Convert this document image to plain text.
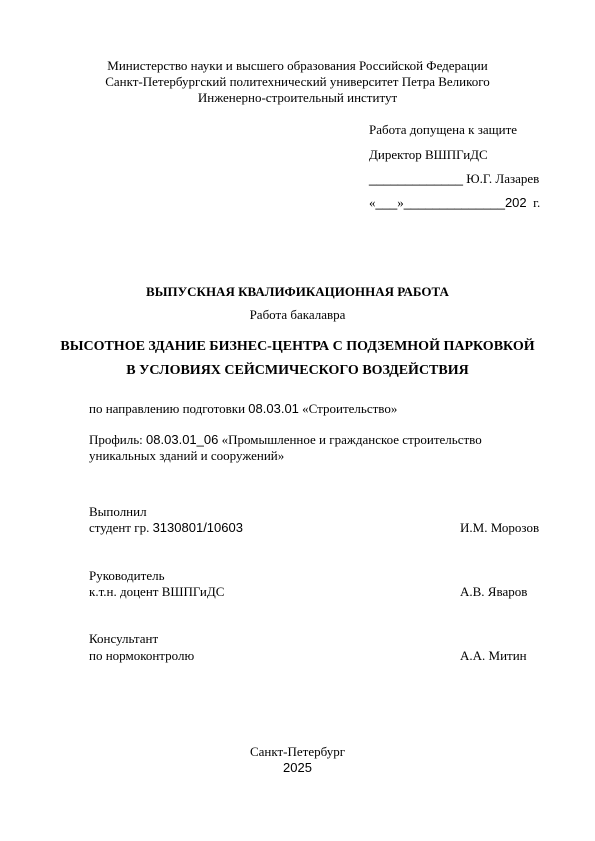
Министерство науки и высшего образования Российской Федерации
Санкт-Петербургский политехнический университет Петра Великого
Инженерно-строительный институт
Работа допущена к защите
Директор ВШПГиДС
_____________ Ю.Г. Лазарев
«___»______________202 г.
ВЫПУСКНАЯ КВАЛИФИКАЦИОННАЯ РАБОТА
Работа бакалавра
ВЫСОТНОЕ ЗДАНИЕ БИЗНЕС-ЦЕНТРА С ПОДЗЕМНОЙ ПАРКОВКОЙ
В УСЛОВИЯХ СЕЙСМИЧЕСКОГО ВОЗДЕЙСТВИЯ
по направлению подготовки 08.03.01 «Строительство»
Профиль: 08.03.01_06 «Промышленное и гражданское строительство
уникальных зданий и сооружений»
Выполнил
студент гр. 3130801/10603	И.М. Морозов
Руководитель
к.т.н. доцент ВШПГиДС	А.В. Яваров
Консультант
по нормоконтролю	А.А. Митин
Санкт-Петербург
2025
